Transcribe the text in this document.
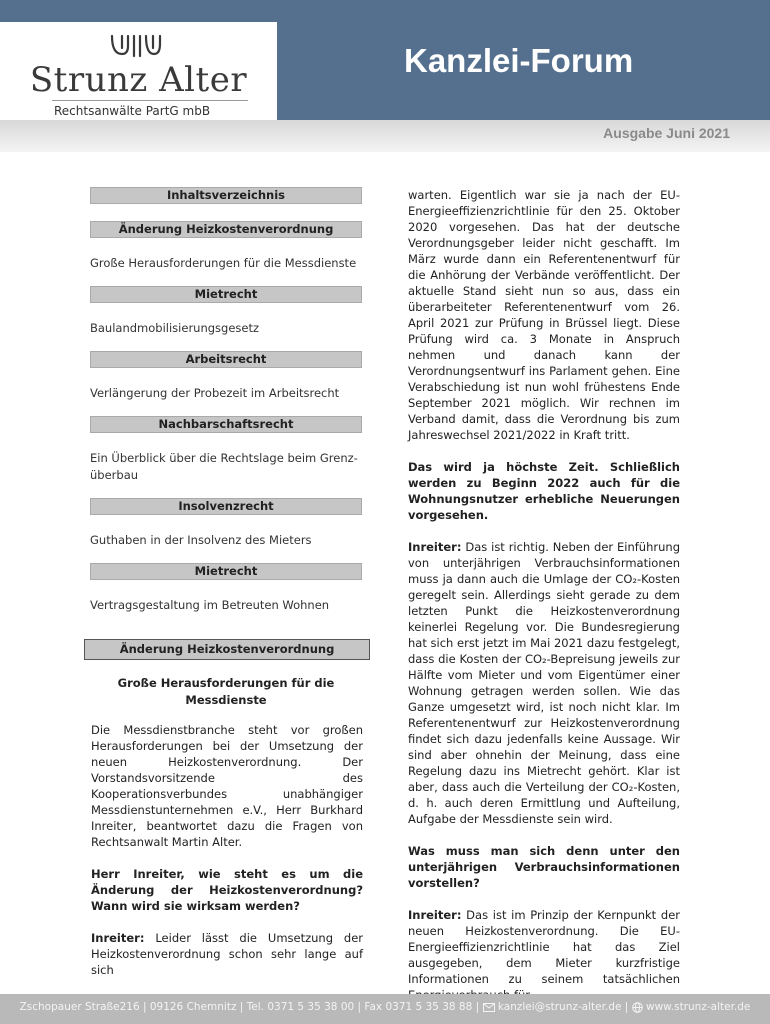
Strunz Alter
Rechtsanwälte PartG mbB
Kanzlei-Forum
Ausgabe Juni 2021
Inhaltsverzeichnis
Änderung Heizkostenverordnung
Große Herausforderungen für die Messdienste
Mietrecht
Baulandmobilisierungsgesetz
Arbeitsrecht
Verlängerung der Probezeit im Arbeitsrecht
Nachbarschaftsrecht
Ein Überblick über die Rechtslage beim Grenz-überbau
Insolvenzrecht
Guthaben in der Insolvenz des Mieters
Mietrecht
Vertragsgestaltung im Betreuten Wohnen
Änderung Heizkostenverordnung
Große Herausforderungen für die Messdienste

Die Messdienstbranche steht vor großen Herausforderungen bei der Umsetzung der neuen Heizkostenverordnung. Der Vorstandsvorsitzende des Kooperationsverbundes unabhängiger Messdienstunternehmen e.V., Herr Burkhard Inreiter, beantwortet dazu die Fragen von Rechtsanwalt Martin Alter.

Herr Inreiter, wie steht es um die Änderung der Heizkostenverordnung? Wann wird sie wirksam werden?

Inreiter: Leider lässt die Umsetzung der Heizkostenverordnung schon sehr lange auf sich

warten. Eigentlich war sie ja nach der EU-Energieeffizienzrichtlinie für den 25. Oktober 2020 vorgesehen. Das hat der deutsche Verordnungsgeber leider nicht geschafft. Im März wurde dann ein Referentenentwurf für die Anhörung der Verbände veröffentlicht. Der aktuelle Stand sieht nun so aus, dass ein überarbeiteter Referentenentwurf vom 26. April 2021 zur Prüfung in Brüssel liegt. Diese Prüfung wird ca. 3 Monate in Anspruch nehmen und danach kann der Verordnungsentwurf ins Parlament gehen. Eine Verabschiedung ist nun wohl frühestens Ende September 2021 möglich. Wir rechnen im Verband damit, dass die Verordnung bis zum Jahreswechsel 2021/2022 in Kraft tritt.

Das wird ja höchste Zeit. Schließlich werden zu Beginn 2022 auch für die Wohnungsnutzer erhebliche Neuerungen vorgesehen.

Inreiter: Das ist richtig. Neben der Einführung von unterjährigen Verbrauchsinformationen muss ja dann auch die Umlage der CO₂-Kosten geregelt sein. Allerdings sieht gerade zu dem letzten Punkt die Heizkostenverordnung keinerlei Regelung vor. Die Bundesregierung hat sich erst jetzt im Mai 2021 dazu festgelegt, dass die Kosten der CO₂-Bepreisung jeweils zur Hälfte vom Mieter und vom Eigentümer einer Wohnung getragen werden sollen. Wie das Ganze umgesetzt wird, ist noch nicht klar. Im Referentenentwurf zur Heizkostenverordnung findet sich dazu jedenfalls keine Aussage. Wir sind aber ohnehin der Meinung, dass eine Regelung dazu ins Mietrecht gehört. Klar ist aber, dass auch die Verteilung der CO₂-Kosten, d. h. auch deren Ermittlung und Aufteilung, Aufgabe der Messdienste sein wird.

Was muss man sich denn unter den unterjährigen Verbrauchsinformationen vorstellen?

Inreiter: Das ist im Prinzip der Kernpunkt der neuen Heizkostenverordnung. Die EU-Energieeffizienzrichtlinie hat das Ziel ausgegeben, dem Mieter kurzfristige Informationen zu seinem tatsächlichen

Zschopauer Straße216 | 09126 Chemnitz | Tel. 0371 5 35 38 00 | Fax 0371 5 35 38 88 | kanzlei@strunz-alter.de | www.strunz-alter.de
